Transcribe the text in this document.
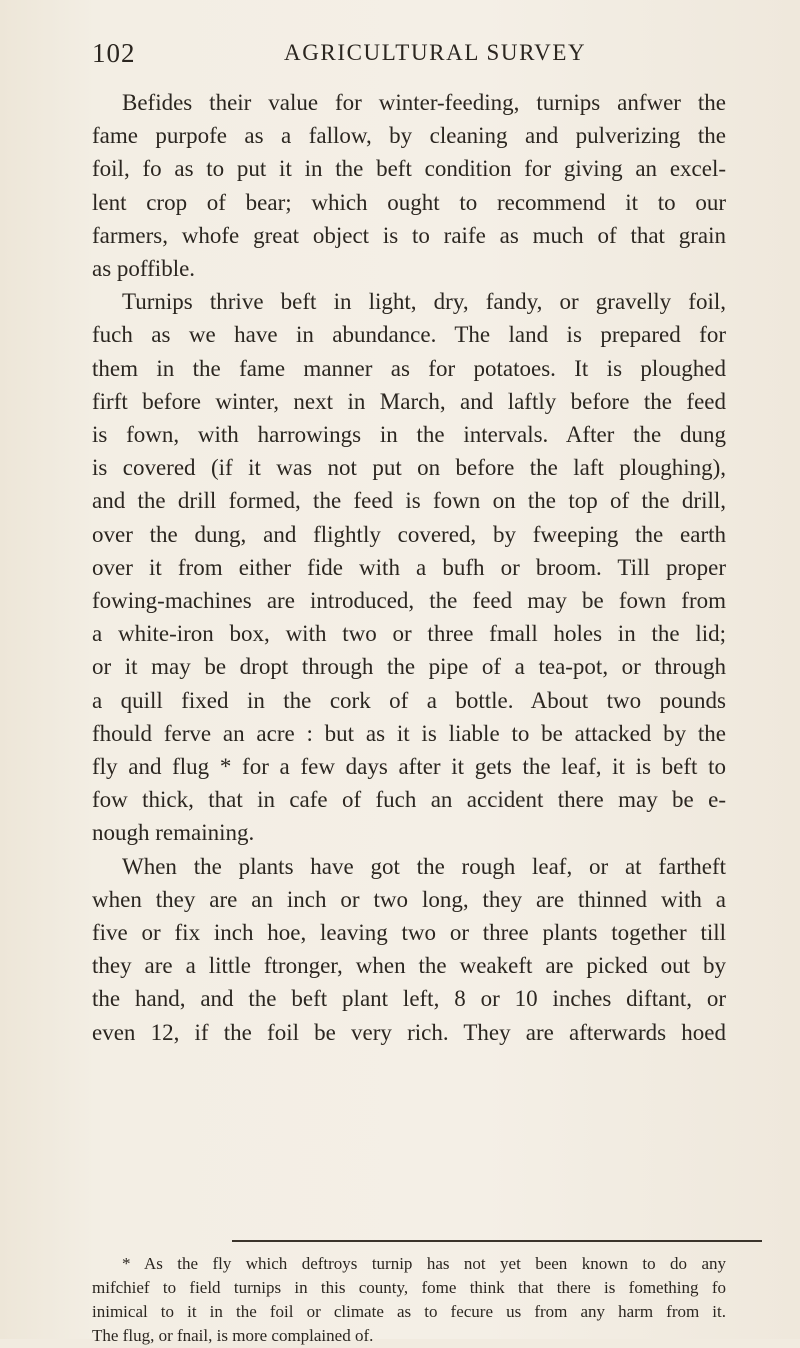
102	AGRICULTURAL SURVEY
Befides their value for winter-feeding, turnips anfwer the
fame purpofe as a fallow, by cleaning and pulverizing the
foil, fo as to put it in the beft condition for giving an excel-
lent crop of bear; which ought to recommend it to our
farmers, whofe great object is to raife as much of that grain
as poffible.
Turnips thrive beft in light, dry, fandy, or gravelly foil,
fuch as we have in abundance. The land is prepared for
them in the fame manner as for potatoes. It is ploughed
firft before winter, next in March, and laftly before the feed
is fown, with harrowings in the intervals. After the dung
is covered (if it was not put on before the laft ploughing),
and the drill formed, the feed is fown on the top of the drill,
over the dung, and flightly covered, by fweeping the earth
over it from either fide with a bufh or broom. Till proper
fowing-machines are introduced, the feed may be fown from
a white-iron box, with two or three fmall holes in the lid;
or it may be dropt through the pipe of a tea-pot, or through
a quill fixed in the cork of a bottle. About two pounds
fhould ferve an acre : but as it is liable to be attacked by the
fly and flug * for a few days after it gets the leaf, it is beft to
fow thick, that in cafe of fuch an accident there may be e-
nough remaining.
When the plants have got the rough leaf, or at fartheft
when they are an inch or two long, they are thinned with a
five or fix inch hoe, leaving two or three plants together till
they are a little ftronger, when the weakeft are picked out by
the hand, and the beft plant left, 8 or 10 inches diftant, or
even 12, if the foil be very rich. They are afterwards hoed
* As the fly which deftroys turnip has not yet been known to do any
mifchief to field turnips in this county, fome think that there is fomething fo
inimical to it in the foil or climate as to fecure us from any harm from it.
The flug, or fnail, is more complained of.
